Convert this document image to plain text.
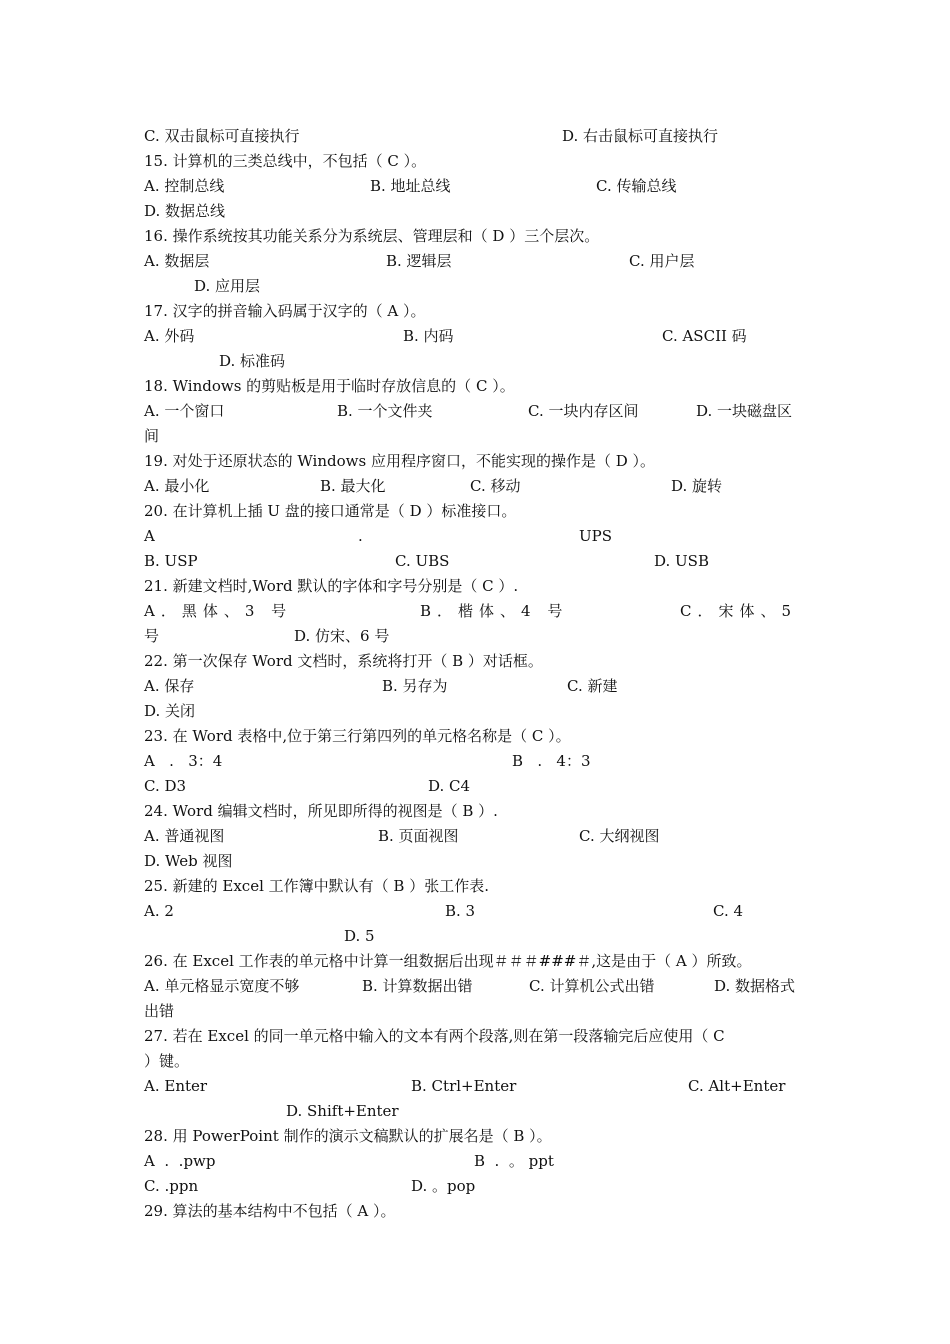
C. 双击鼠标可直接执行	D. 右击鼠标可直接执行
15. 计算机的三类总线中，不包括（ C ）。
A. 控制总线	B. 地址总线	C. 传输总线
D. 数据总线
16. 操作系统按其功能关系分为系统层、管理层和（ D ）三个层次。
A. 数据层	B. 逻辑层	C. 用户层
D. 应用层
17. 汉字的拼音输入码属于汉字的（ A ）。
A. 外码	B. 内码	C. ASCII 码
D. 标准码
18. Windows 的剪贴板是用于临时存放信息的（ C ）。
A. 一个窗口	B. 一个文件夹	C. 一块内存区间	D. 一块磁盘区
间
19. 对处于还原状态的 Windows 应用程序窗口，不能实现的操作是（ D ）。
A. 最小化	B. 最大化	C. 移动	D. 旋转
20. 在计算机上插 U 盘的接口通常是（ D ）标准接口。
A	.	UPS
B. USP	C. UBS	D. USB
21. 新建文档时,Word 默认的字体和字号分别是（ C ）.
A．黑体、3 号	B．楷体、4 号	C．宋体、5
号	D. 仿宋、6 号
22. 第一次保存 Word 文档时，系统将打开（ B ）对话框。
A. 保存	B. 另存为	C. 新建
D. 关闭
23. 在 Word 表格中,位于第三行第四列的单元格名称是（ C ）。
A   .   3：4	B   .   4：3
C. D3	D. C4
24. Word 编辑文档时，所见即所得的视图是（ B ）.
A. 普通视图	B. 页面视图	C. 大纲视图
D. Web 视图
25. 新建的 Excel 工作簿中默认有（ B ）张工作表.
A. 2	B. 3	C. 4
D. 5
26. 在 Excel 工作表的单元格中计算一组数据后出现＃＃＃###＃,这是由于（ A ）所致。
A. 单元格显示宽度不够	B. 计算数据出错	C. 计算机公式出错	D. 数据格式
出错
27. 若在 Excel 的同一单元格中输入的文本有两个段落,则在第一段落输完后应使用（ C
）键。
A. Enter	B. Ctrl+Enter	C. Alt+Enter
D. Shift+Enter
28. 用 PowerPoint 制作的演示文稿默认的扩展名是（ B ）。
A  .  .pwp	B  .  。 ppt
C. .ppn	D. 。pop
29. 算法的基本结构中不包括（ A ）。
